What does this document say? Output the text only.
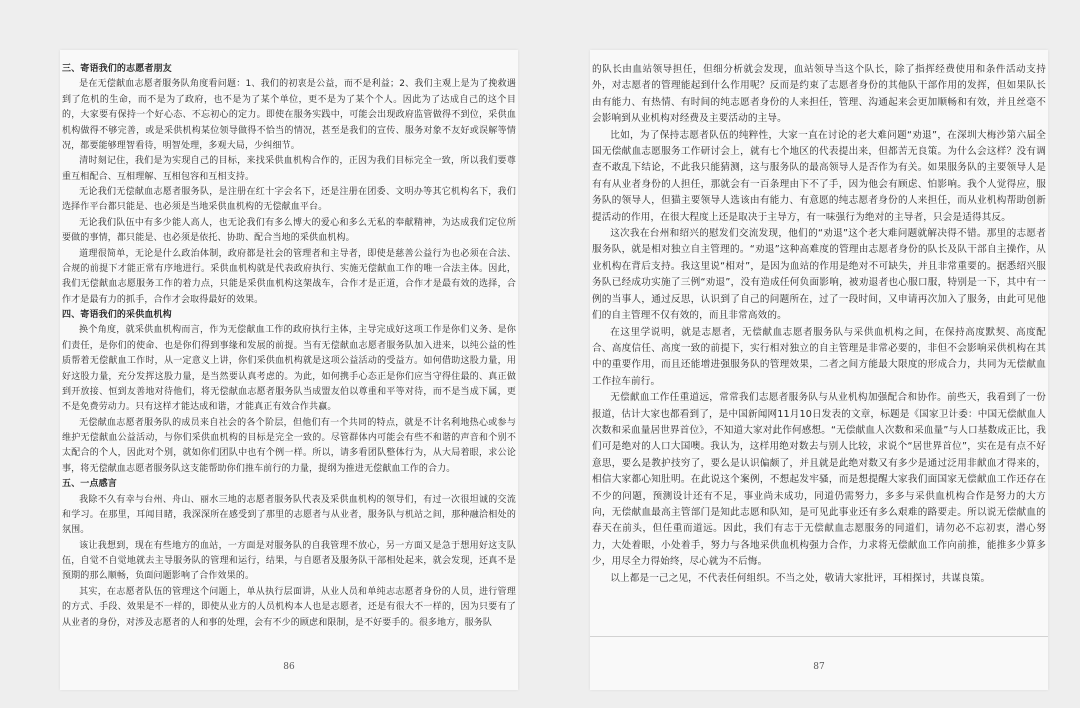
三、寄语我们的志愿者朋友

是在无偿献血志愿者服务队角度看问题：1、我们的初衷是公益，而不是利益；2、我们主观上是为了挽救遇到了危机的生命，而不是为了政府，也不是为了某个单位，更不是为了某个个人。因此为了达成自己的这个目的，大家要有保持一个好心态、不忘初心的定力。即使在服务实践中，可能会出现政府监管做得不到位，采供血机构做得不够完善，或是采供机构某位领导做得不恰当的情况，甚至是我们的宣传、服务对象不友好或误解等情况，都要能够理智看待，明智处理，多观大局，少纠细节。

清时刻记住，我们是为实现自己的目标，来找采供血机构合作的，正因为我们目标完全一致，所以我们要尊重互相配合、互相理解、互相包容和互相支持。

无论我们无偿献血志愿者服务队，是注册在红十字会名下，还是注册在团委、文明办等其它机构名下，我们选择作平台都只能是、也必须是当地采供血机构的无偿献血平台。

无论我们队伍中有多少能人高人，也无论我们有多么博大的爱心和多么无私的奉献精神，为达成我们定位所要做的事情，都只能是、也必须是依托、协助、配合当地的采供血机构。

道理很简单，无论是什么政治体制，政府都是社会的管理者和主导者，即使是慈善公益行为也必须在合法、合规的前提下才能正常有序地进行。采供血机构就是代表政府执行、实施无偿献血工作的唯一合法主体。因此，我们无偿献血志愿服务工作的着力点，只能是采供血机构这架战车，合作才是正道，合作才是最有效的选择，合作才是最有力的抓手，合作才会取得最好的效果。

四、寄语我们的采供血机构

换个角度，就采供血机构而言，作为无偿献血工作的政府执行主体，主导完成好这项工作是你们义务、是你们责任，是你们的使命、也是你们得到事缘和发展的前提。当有无偿献血志愿者服务队加入进来，以纯公益的性质帮着无偿献血工作时，从一定意义上讲，你们采供血机构就是这项公益活动的受益方。如何借助这股力量，用好这股力量，充分发挥这股力量，是当然要认真考虑的。为此，如何携手心态正是你们应当守得住最的、真正做到开放接、恒到友善地对待他们，将无偿献血志愿者服务队当成盟友伯以尊重和平等对待，而不是当成下属，更不是免费劳动力。只有这样才能达成和谐，才能真正有效合作共赢。

无偿献血志愿者服务队的成员来自社会的各个阶层，但他们有一个共同的特点，就是不计名利地热心或参与维护无偿献血公益活动，与你们采供血机构的目标是完全一致的。尽管群体内可能会有些不和谐的声音和个别不太配合的个人，因此对个别，就如你们团队中也有个例一样。所以，请多看团队整体行为，从大局着眼，求公论事，将无偿献血志愿者服务队这支能帮助你们推车前行的力量，提纲为推进无偿献血工作的合力。

五、一点感言

我除不久有幸与台州、舟山、丽水三地的志愿者服务队代表及采供血机构的领导们，有过一次很坦诚的交流和学习。在那里，耳闻目睹，我深深所在感受到了那里的志愿者与从业者，服务队与机站之间，那种融洽相处的氛围。

该让我想到，现在有些地方的血站，一方面是对服务队的自我管理不放心，另一方面又是急于想用好这支队伍，自觉不自觉地就去主导服务队的管理和运行，结果，与自愿者及服务队干部相处起来，就会发现，还真不是预期的那么顺畅，负面问题影响了合作效果的。

其实，在志愿者队伍的管理这个问题上，单从执行层面讲，从业人员和单纯志志愿者身份的人员，进行管理的方式、手段、效果是不一样的，即使从业方的人员机构本人也是志愿者，还是有很大不一样的，因为只要有了从业者的身份，对涉及志愿者的人和事的处理，会有不少的顾虑和限制，是不好要手的。很多地方，服务队

86

的队长由血站领导担任，但细分析就会发现，血站领导当这个队长，除了指挥经费使用和条件活动支持外，对志愿者的管理能起到什么作用呢？反而是约束了志愿者身份的其他队干部作用的发挥，但如果队长由有能力、有热情、有时间的纯志愿者身份的人来担任，管理、沟通起来会更加顺畅和有效，并且丝毫不会影响到从业机构对经费及主要活动的主导。

比如，为了保持志愿者队伍的纯粹性，大家一直在讨论的老大难问题“劝退”，在深圳大梅沙第六届全国无偿献血志愿服务工作研讨会上，就有七个地区的代表提出来，但都苦无良策。为什么会这样？没有调查不敢乱下结论，不此我只能猜测，这与服务队的最高领导人是否作为有关。如果服务队的主要领导人是有有从业者身份的人担任，那就会有一百条理由下不了手，因为他会有顾虑、怕影响。我个人觉得应，服务队的领导人，但猫主要领导人选该由有能力、有意愿的纯志愿者身份的人来担任，而从业机构帮助创新提活动的作用，在很大程度上还是取决于主导方，有一味强行为绝对的主导者，只会是适得其反。

这次我在台州和绍兴的慰发们交流发现，他们的“劝退”这个老大难问题就解决得不错。那里的志愿者服务队，就是相对独立自主管理的。“劝退”这种高难度的管理由志愿者身份的队长及队干部自主操作，从业机构在背后支持。我这里说“相对”，是因为血站的作用是绝对不可缺失，并且非常重要的。据悉绍兴服务队已经成功实施了三例“劝退”，没有造成任何负面影响，被劝退者也心服口服，特别是一下，其中有一例的当事人，通过反思，认识到了自己的问题所在，过了一段时间，又申请再次加入了服务，由此可见他们的自主管理不仅有效的，而且非常高效的。

在这里学说明，就是志愿者，无偿献血志愿者服务队与采供血机构之间，在保持高度默契、高度配合、高度信任、高度一致的前提下，实行相对独立的自主管理是非常必要的，非但不会影响采供机构在其中的重要作用，而且还能增进强服务队的管理效果，二者之间方能最大限度的形成合力，共同为无偿献血工作拉车前行。

无偿献血工作任重道远，常常我们志愿者服务队与从业机构加强配合和协作。前些天，我看到了一份报道，估计大家也都看到了，是中国新闻网11月10日发表的文章，标题是《国家卫计委：中国无偿献血人次数和采血量居世界首位》，不知道大家对此作何感想。“无偿献血人次数和采血量”与人口基数成正比，我们可是绝对的人口大国噢。我认为，这样用绝对数去与别人比较，求说个“居世界首位”，实在是有点不好意思，要么是教护技穷了，要么是认识偏颇了，并且就是此绝对数又有多少是通过泛用非献血才得来的，相信大家都心知肚明。在此说这个案例，不想起发牢骚，而是想提醒大家我们面国家无偿献血工作还存在不少的问题，预测设计还有不足，事业尚未成功，同道仍需努力，多多与采供血机构合作是努力的大方向，无偿献血最高主管部门是知此志愿和队知，是可见此事业还有多么艰难的路要走。所以说无偿献血的春天在前头，但任重而道远。因此，我们有志于无偿献血志愿服务的同道们，请勿必不忘初衷，潜心努力，大处着眼，小处着手，努力与各地采供血机构强力合作，力求将无偿献血工作向前推，能推多少算多少，用尽全力得始终，尽心就为不后悔。

以上都是一己之见，不代表任何组织。不当之处，敬请大家批评，耳相探讨，共谋良策。

87
